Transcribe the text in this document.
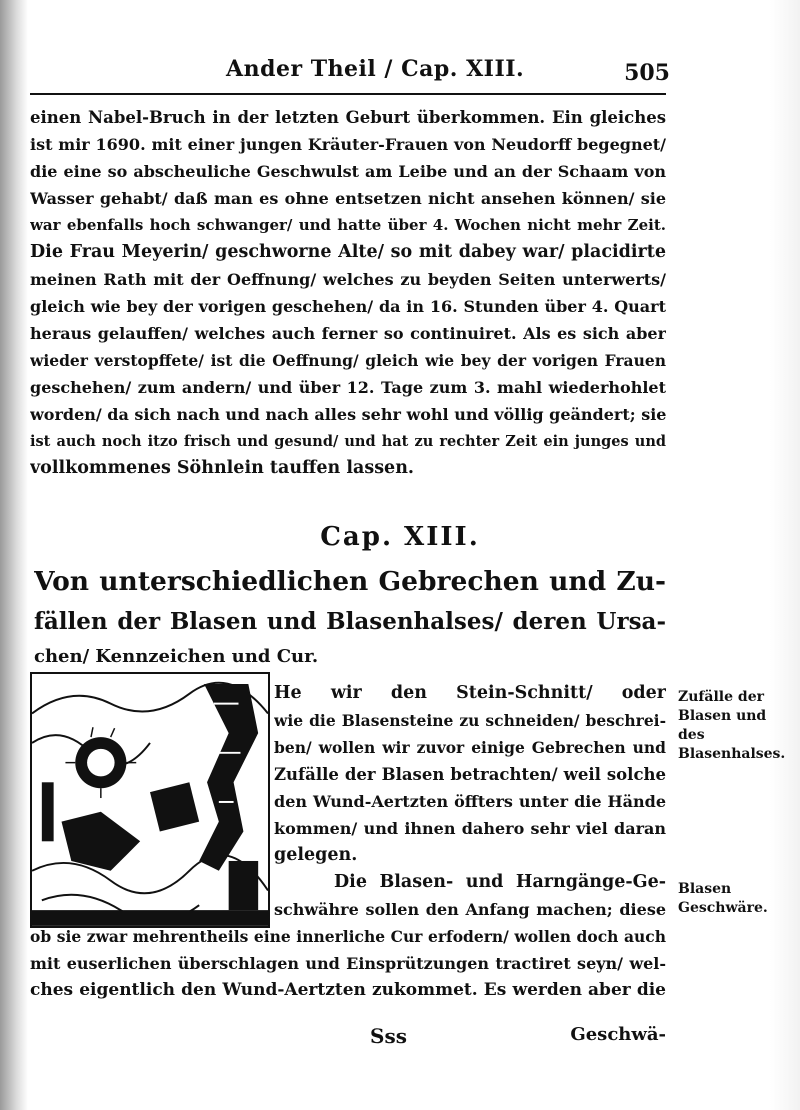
Ander Theil / Cap. XIII.	505
einen Nabel-Bruch in der letzten Geburt überkommen. Ein gleiches
ist mir 1690. mit einer jungen Kräuter-Frauen von Neudorff begegnet/
die eine so abscheuliche Geschwulst am Leibe und an der Schaam von
Wasser gehabt/ daß man es ohne entsetzen nicht ansehen können/ sie
war ebenfalls hoch schwanger/ und hatte über 4. Wochen nicht mehr Zeit.
Die Frau Meyerin/ geschworne Alte/ so mit dabey war/ placidirte
meinen Rath mit der Oeffnung/ welches zu beyden Seiten unterwerts/
gleich wie bey der vorigen geschehen/ da in 16. Stunden über 4. Quart
heraus gelauffen/ welches auch ferner so continuiret. Als es sich aber
wieder verstopffete/ ist die Oeffnung/ gleich wie bey der vorigen Frauen
geschehen/ zum andern/ und über 12. Tage zum 3. mahl wiederhohlet
worden/ da sich nach und nach alles sehr wohl und völlig geändert; sie
ist auch noch itzo frisch und gesund/ und hat zu rechter Zeit ein junges und
vollkommenes Söhnlein tauffen lassen.
Cap. XIII.
Von unterschiedlichen Gebrechen und Zu-
fällen der Blasen und Blasenhalses/ deren Ursa-
chen/ Kennzeichen und Cur.
He wir den Stein-Schnitt/ oder
wie die Blasensteine zu schneiden/ beschrei-
ben/ wollen wir zuvor einige Gebrechen und
Zufälle der Blasen betrachten/ weil solche
den Wund-Aertzten öffters unter die Hände
kommen/ und ihnen dahero sehr viel daran
gelegen.
Die Blasen- und Harngänge-Ge-
schwähre sollen den Anfang machen; diese
ob sie zwar mehrentheils eine innerliche Cur erfodern/ wollen doch auch
mit euserlichen überschlagen und Einsprützungen tractiret seyn/ wel-
ches eigentlich den Wund-Aertzten zukommet. Es werden aber die
Zufälle der Blasen und des Blasenhalses.
Blasen Geschwäre.
Sss	Geschwä-
